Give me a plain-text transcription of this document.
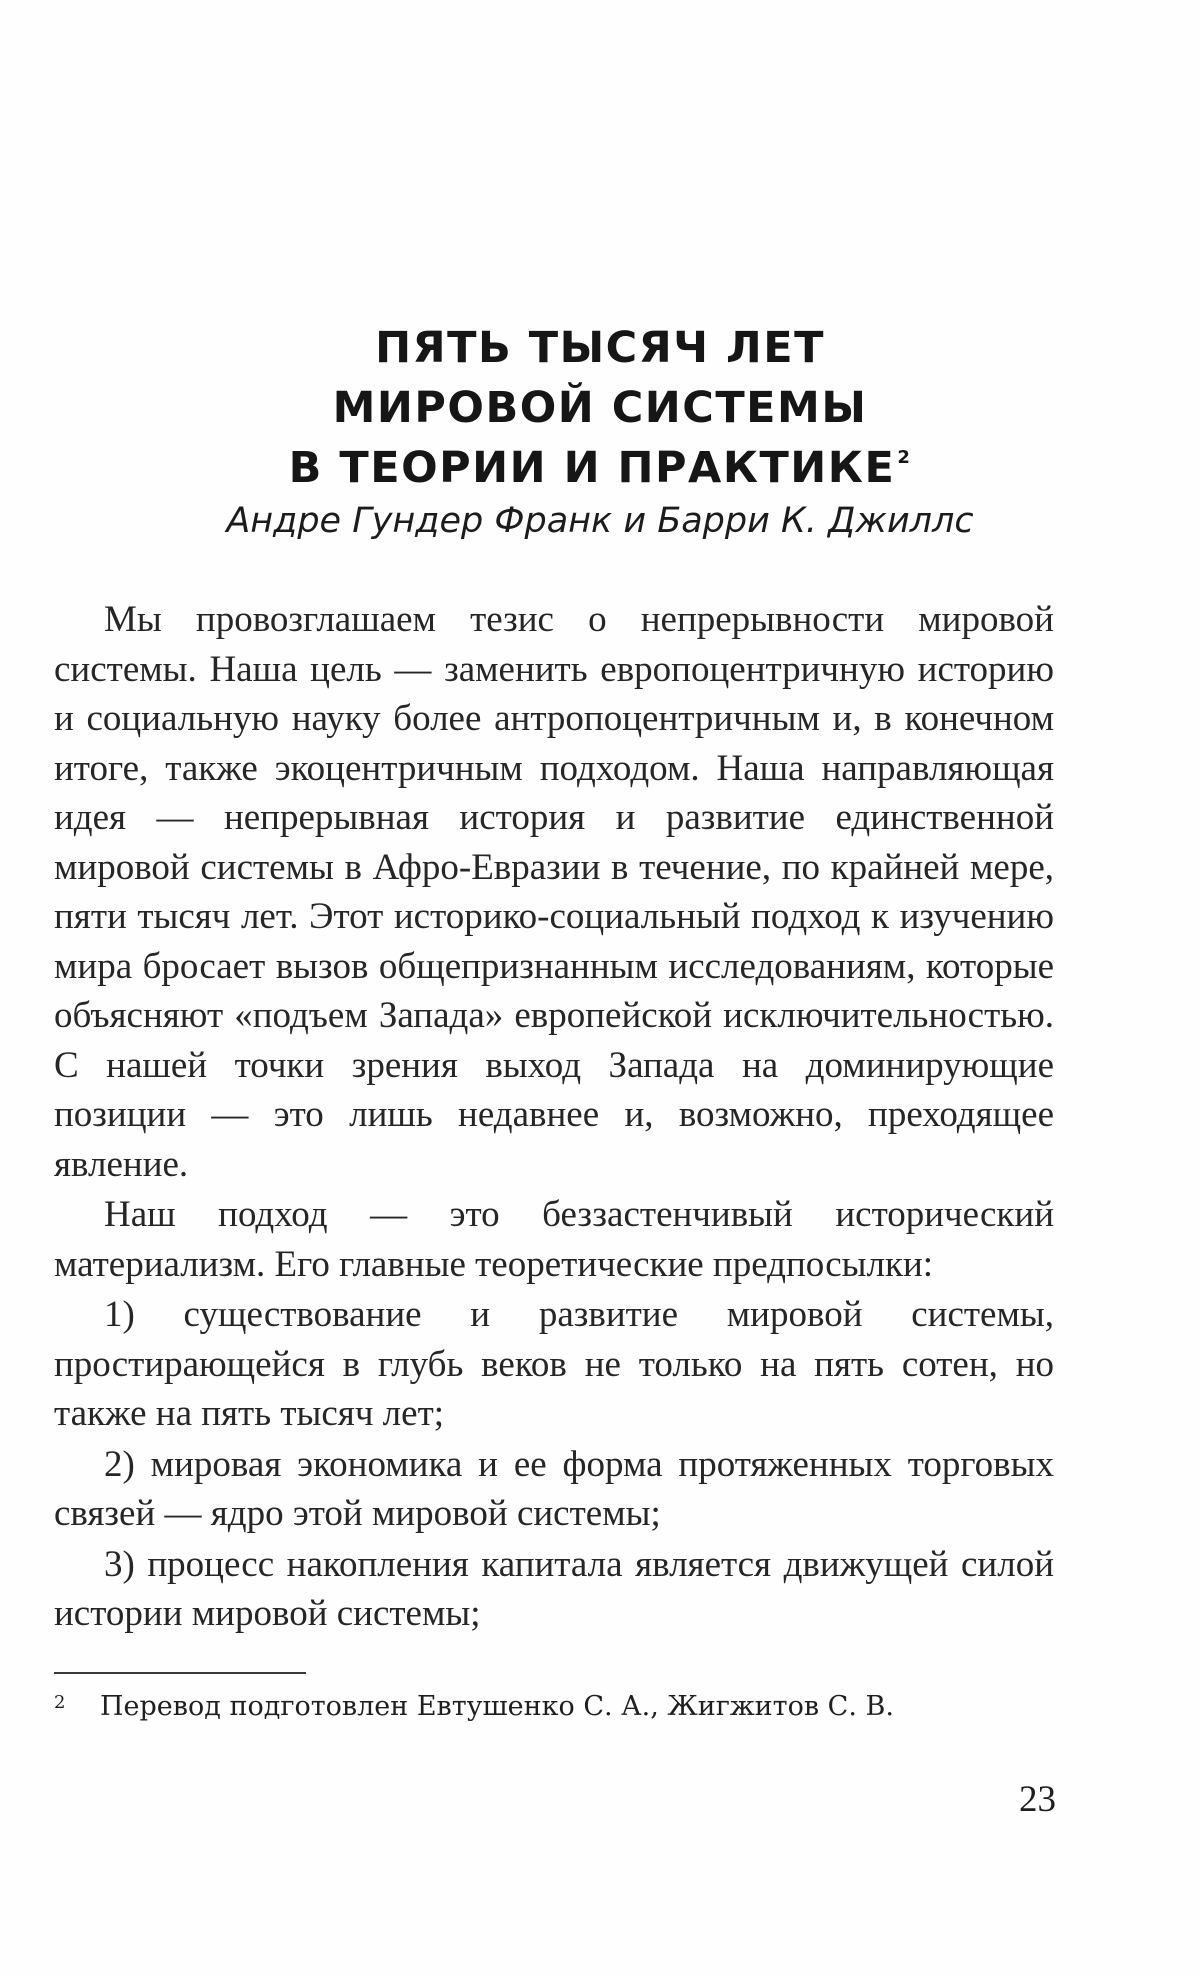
ПЯТЬ ТЫСЯЧ ЛЕТ
МИРОВОЙ СИСТЕМЫ
В ТЕОРИИ И ПРАКТИКЕ $^2$
Андре Гундер Франк и Барри К. Джиллс

Мы провозглашаем тезис о непрерывности мировой системы. Наша цель — заменить европоцентричную историю и социальную науку более антропоцентричным и, в конечном итоге, также экоцентричным подходом. Наша направляющая идея — непрерывная история и развитие единственной мировой системы в Афро-Евразии в течение, по крайней мере, пяти тысяч лет. Этот историко-социальный подход к изучению мира бросает вызов общепризнанным исследованиям, которые объясняют «подъем Запада» европейской исключительностью. С нашей точки зрения выход Запада на доминирующие позиции — это лишь недавнее и, возможно, преходящее явление.

Наш подход — это беззастенчивый исторический материализм. Его главные теоретические предпосылки:

1) существование и развитие мировой системы, простирающейся в глубь веков не только на пять сотен, но также на пять тысяч лет;

2) мировая экономика и ее форма протяженных торговых связей — ядро этой мировой системы;

3) процесс накопления капитала является движущей силой истории мировой системы;

2 Перевод подготовлен Евтушенко С. А., Жигжитов С. В.
23
